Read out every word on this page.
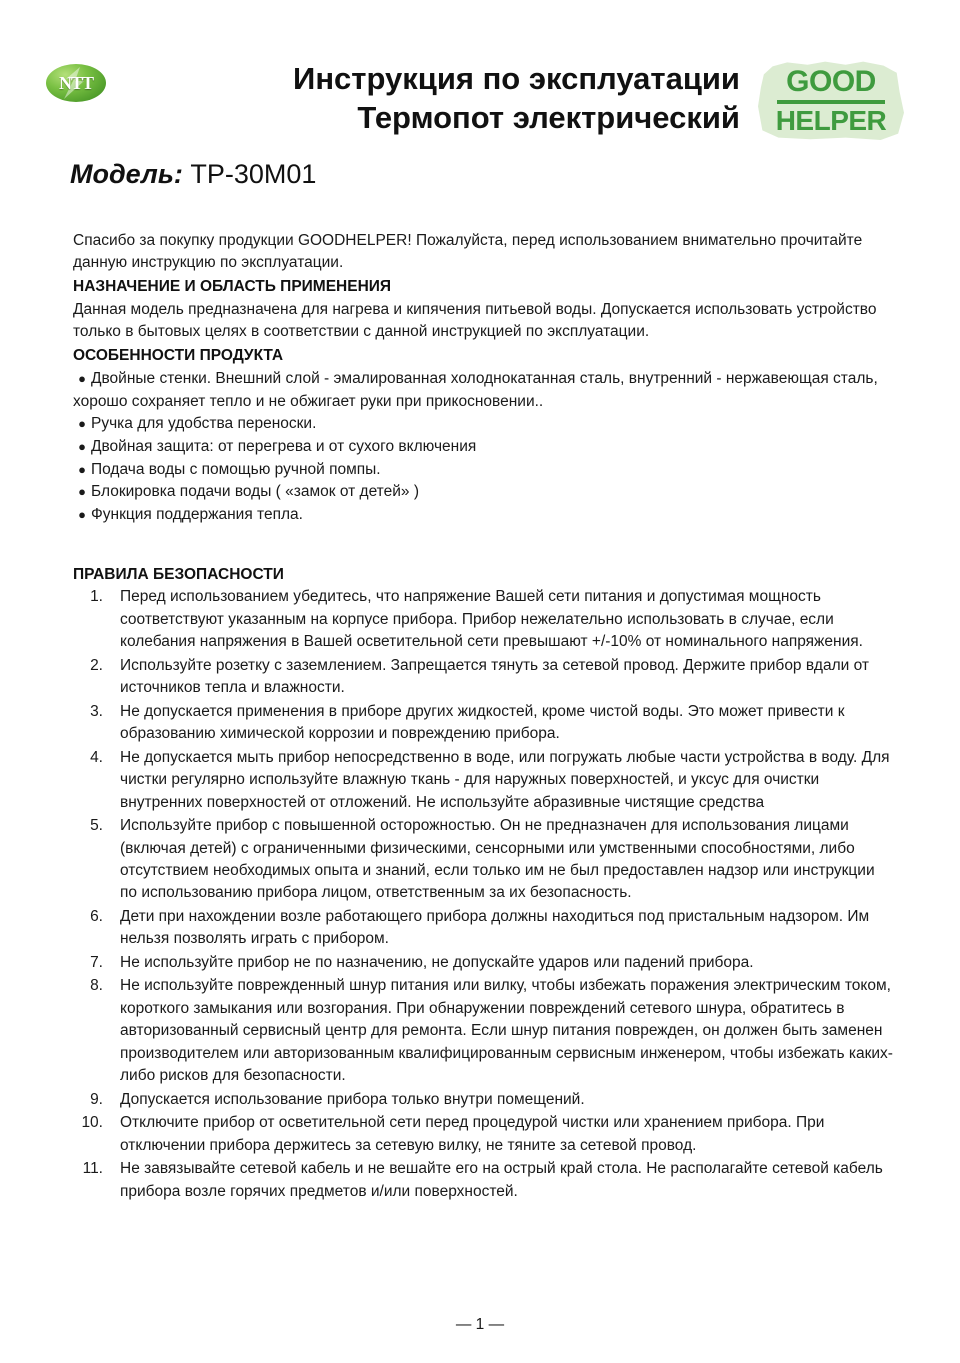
NTT	Инструкция по эксплуатации
Термопот электрический
GOOD
HELPER
Модель: TP-30M01

Спасибо за покупку продукции GOODHELPER! Пожалуйста, перед использованием внимательно прочитайте данную инструкцию по эксплуатации.

НАЗНАЧЕНИЕ И ОБЛАСТЬ ПРИМЕНЕНИЯ

Данная модель предназначена для нагрева и кипячения питьевой воды. Допускается использовать устройство только в бытовых целях в соответствии с данной инструкцией по эксплуатации.

ОСОБЕННОСТИ ПРОДУКТА
● Двойные стенки. Внешний слой - эмалированная холоднокатанная сталь, внутренний - нержавеющая сталь, хорошо сохраняет тепло и не обжигает руки при прикосновении..
● Ручка для удобства переноски.
● Двойная защита: от перегрева и от сухого включения
● Подача воды с помощью ручной помпы.
● Блокировка подачи воды ( «замок от детей» )
● Функция поддержания тепла.
ПРАВИЛА БЕЗОПАСНОСТИ
1. Перед использованием убедитесь, что напряжение Вашей сети питания и допустимая мощность соответствуют указанным на корпусе прибора. Прибор нежелательно использовать в случае, если колебания напряжения в Вашей осветительной сети превышают +/-10% от номинального напряжения.
2. Используйте розетку с заземлением. Запрещается тянуть за сетевой провод. Держите прибор вдали от источников тепла и влажности.
3. Не допускается применения в приборе других жидкостей, кроме чистой воды. Это может привести к образованию химической коррозии и повреждению прибора.
4. Не допускается мыть прибор непосредственно в воде, или погружать любые части устройства в воду. Для чистки регулярно используйте влажную ткань - для наружных поверхностей, и уксус для очистки внутренних поверхностей от отложений. Не используйте абразивные чистящие средства
5. Используйте прибор с повышенной осторожностью. Он не предназначен для использования лицами (включая детей) с ограниченными физическими, сенсорными или умственными способностями, либо отсутствием необходимых опыта и знаний, если только им не был предоставлен надзор или инструкции по использованию прибора лицом, ответственным за их безопасность.
6. Дети при нахождении возле работающего прибора должны находиться под пристальным надзором. Им нельзя позволять играть с прибором.
7. Не используйте прибор не по назначению, не допускайте ударов или падений прибора.
8. Не используйте поврежденный шнур питания или вилку, чтобы избежать поражения электрическим током, короткого замыкания или возгорания. При обнаружении повреждений сетевого шнура, обратитесь в авторизованный сервисный центр для ремонта. Если шнур питания поврежден, он должен быть заменен производителем или авторизованным квалифицированным сервисным инженером, чтобы избежать каких-либо рисков для безопасности.
9. Допускается использование прибора только внутри помещений.
10. Отключите прибор от осветительной сети перед процедурой чистки или хранением прибора. При отключении прибора держитесь за сетевую вилку, не тяните за сетевой провод.
11. Не завязывайте сетевой кабель и не вешайте его на острый край стола. Не располагайте сетевой кабель прибора возле горячих предметов и/или поверхностей.
— 1 —
